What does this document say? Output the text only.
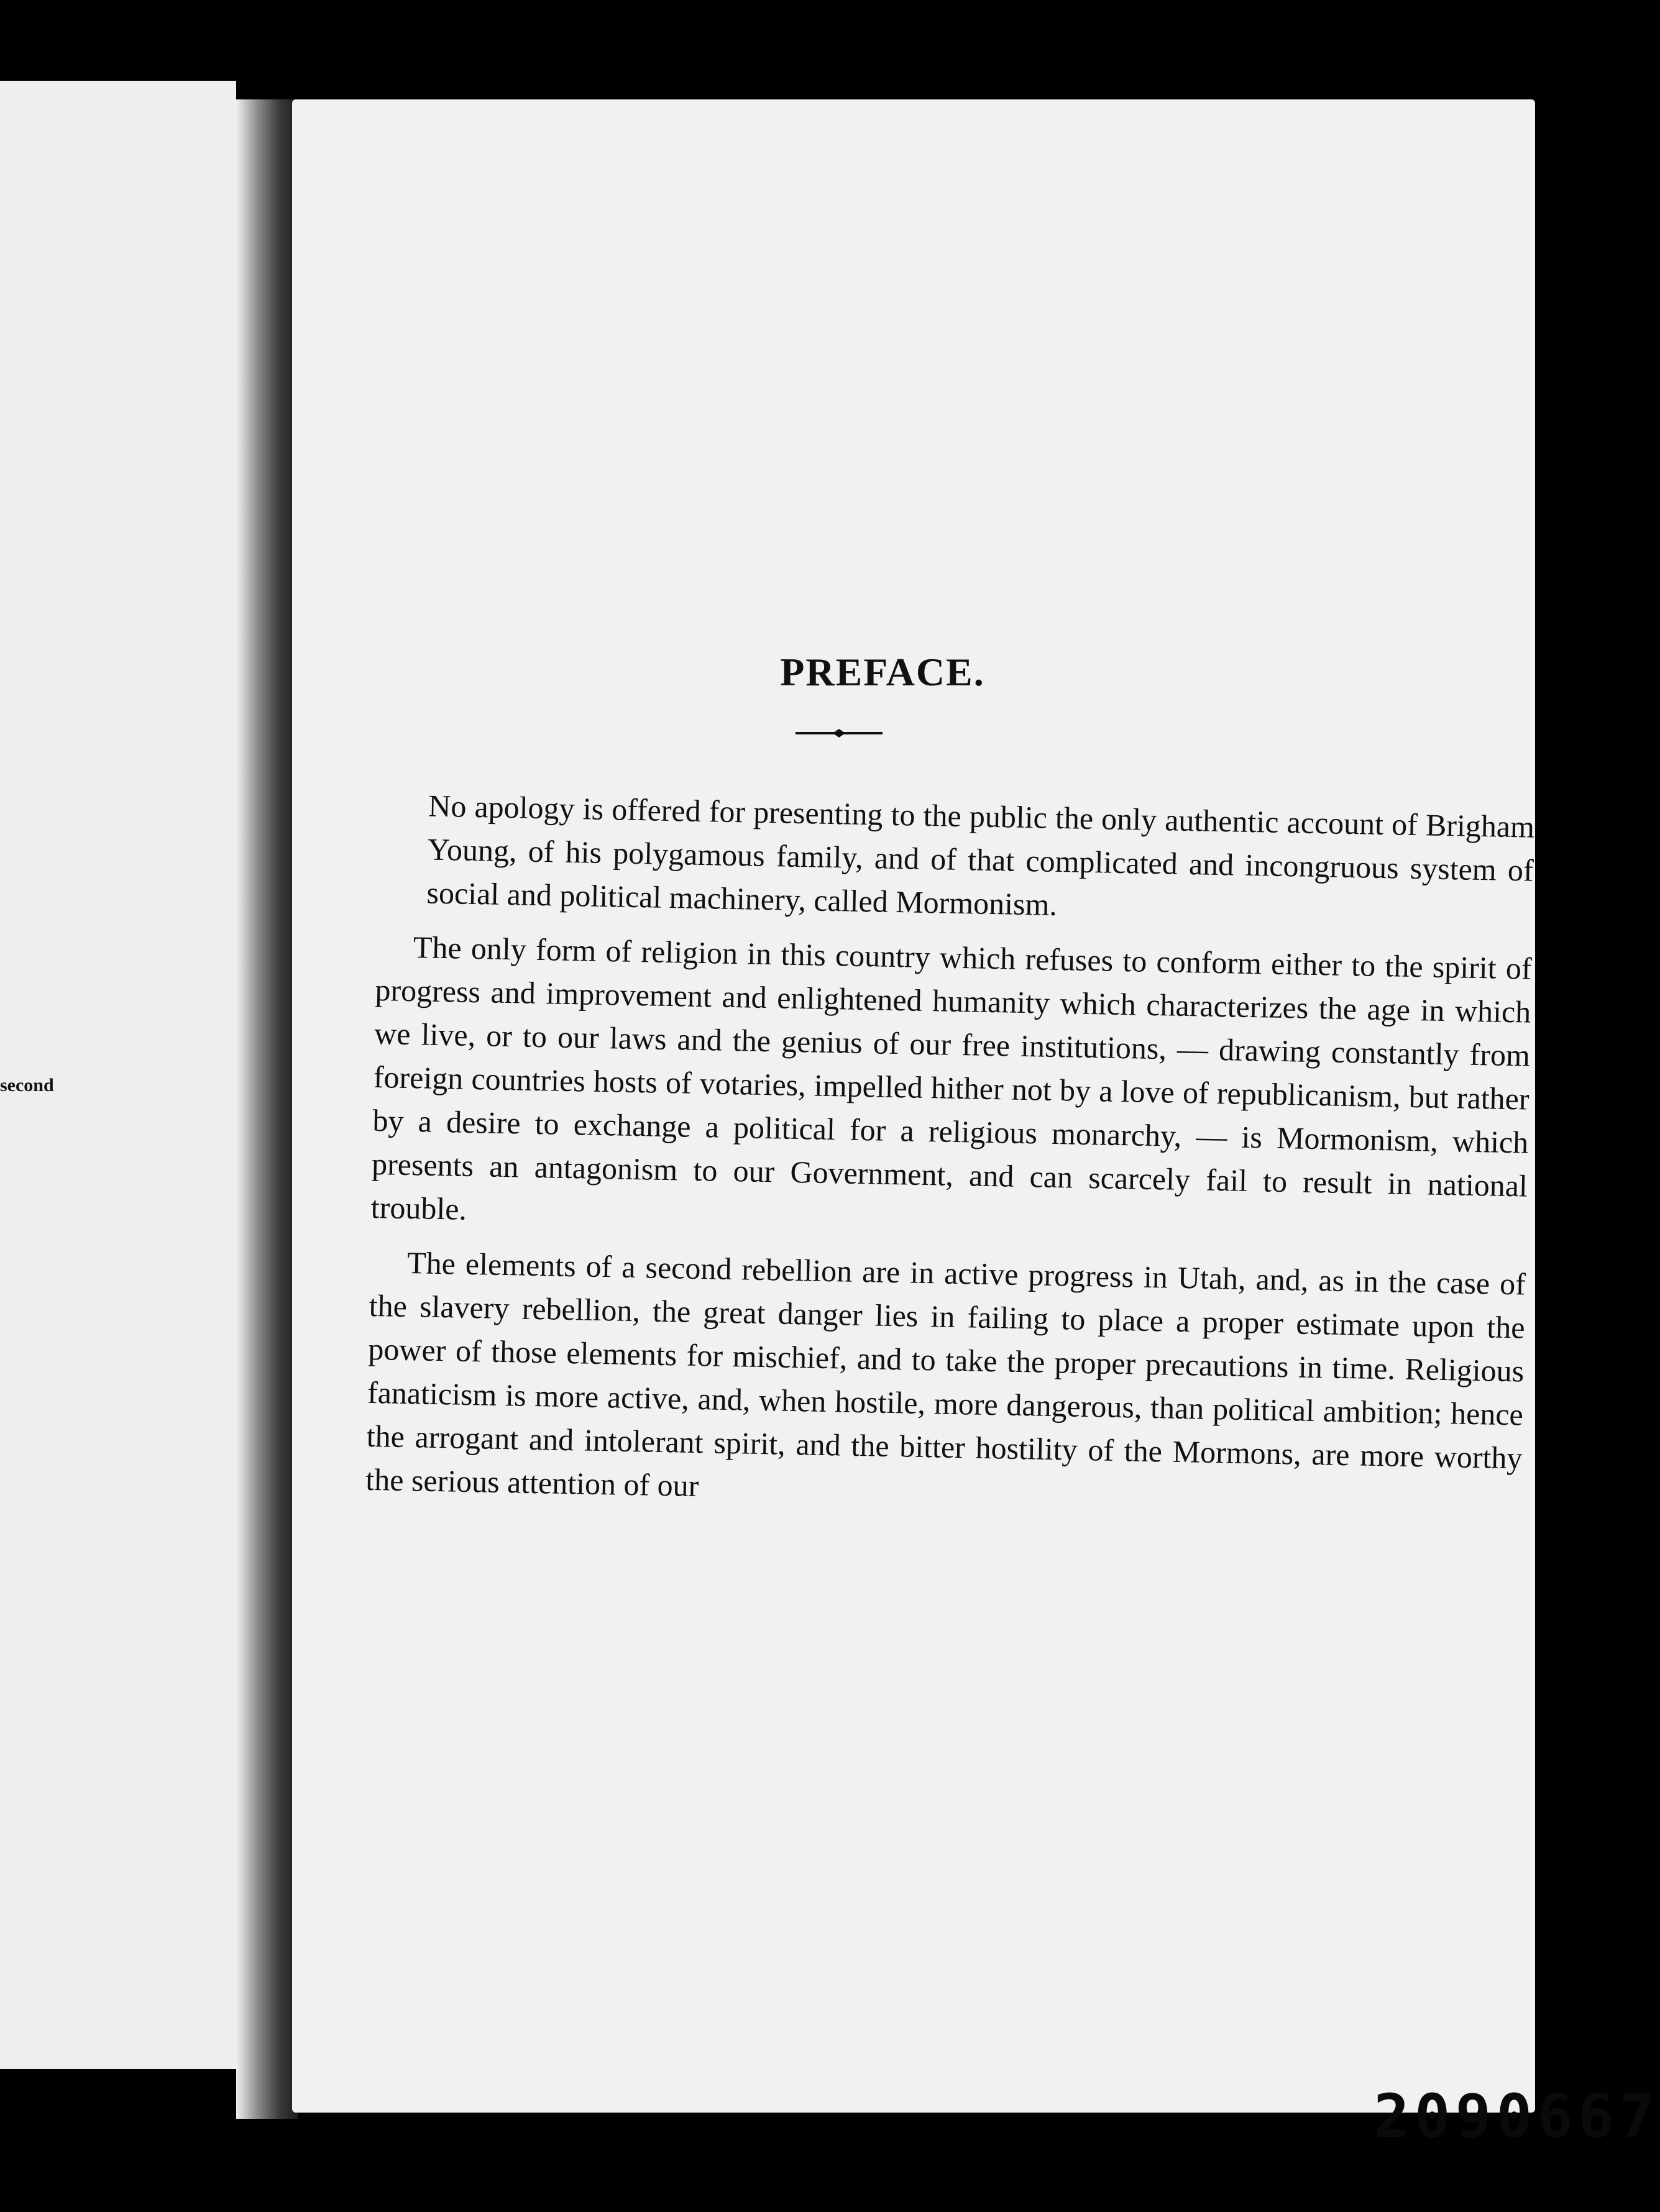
second
PREFACE.

No apology is offered for presenting to the public the only authentic account of Brigham Young, of his polygamous family, and of that complicated and incongruous system of social and political machinery, called Mormonism.

The only form of religion in this country which refuses to conform either to the spirit of progress and improvement and enlightened humanity which characterizes the age in which we live, or to our laws and the genius of our free institutions, — drawing constantly from foreign countries hosts of votaries, impelled hither not by a love of republicanism, but rather by a desire to exchange a political for a religious monarchy, — is Mormonism, which presents an antagonism to our Government, and can scarcely fail to result in national trouble.

The elements of a second rebellion are in active progress in Utah, and, as in the case of the slavery rebellion, the great danger lies in failing to place a proper estimate upon the power of those elements for mischief, and to take the proper precautions in time. Religious fanaticism is more active, and, when hostile, more dangerous, than political ambition; hence the arrogant and intolerant spirit, and the bitter hostility of the Mormons, are more worthy the serious attention of our

2090667
